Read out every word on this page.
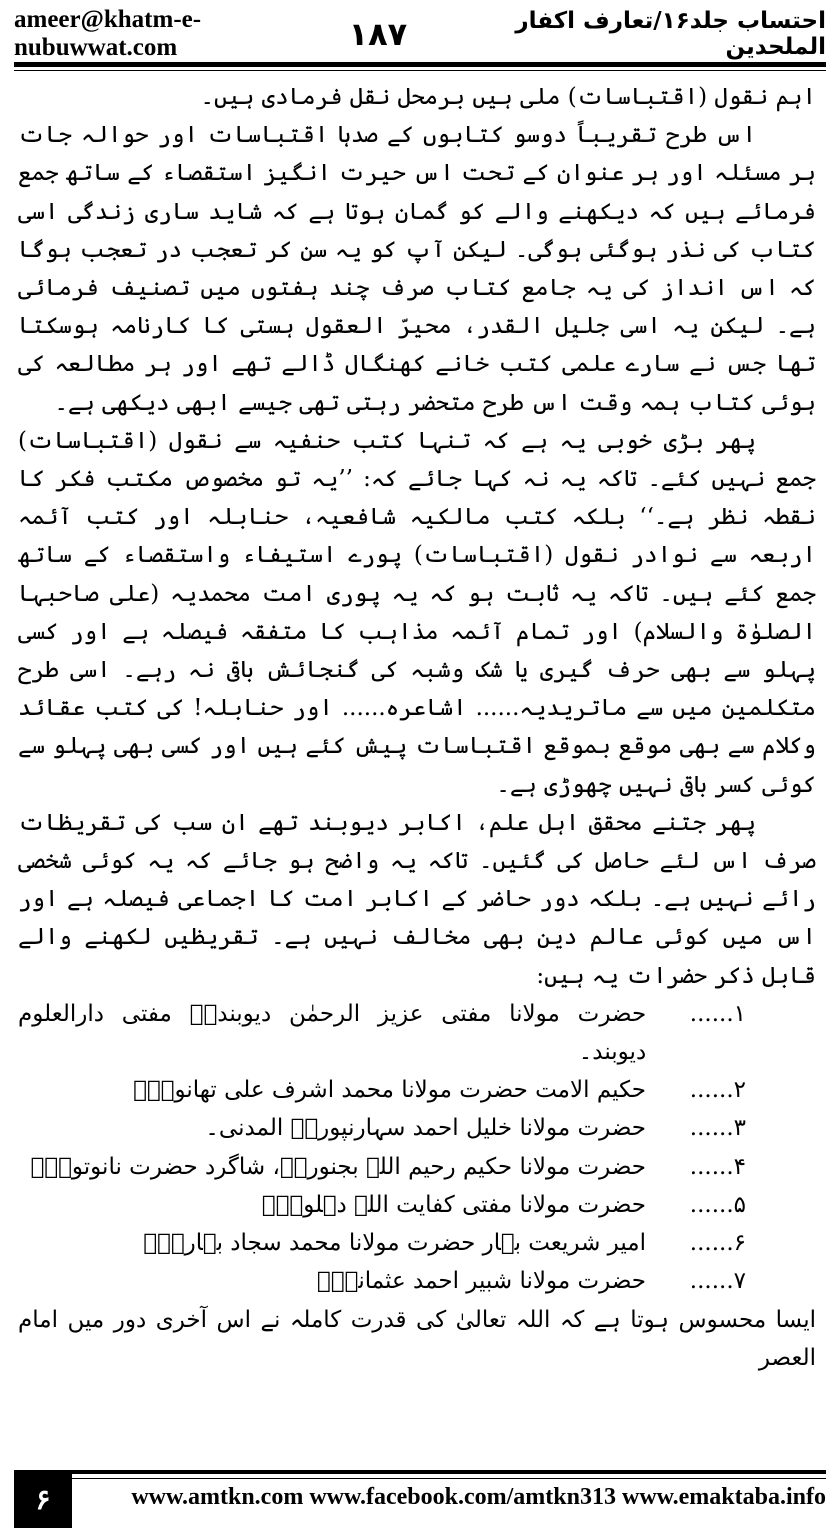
ameer@khatm-e-nubuwwat.com
احتساب جلد۱۶/تعارف اکفار الملحدین
۱۸۷

اہم نقول (اقتباسات) ملی ہیں برمحل نقل فرمادی ہیں۔

اس طرح تقریباً دوسو کتابوں کے صدہا اقتباسات اور حوالہ جات ہر مسئلہ اور ہر عنوان کے تحت اس حیرت انگیز استقصاء کے ساتھ جمع فرمائے ہیں کہ دیکھنے والے کو گمان ہوتا ہے کہ شاید ساری زندگی اسی کتاب کی نذر ہوگئی ہوگی۔ لیکن آپ کو یہ سن کر تعجب در تعجب ہوگا کہ اس انداز کی یہ جامع کتاب صرف چند ہفتوں میں تصنیف فرمائی ہے۔ لیکن یہ اسی جلیل القدر، محیرّ العقول ہستی کا کارنامہ ہوسکتا تھا جس نے سارے علمی کتب خانے کھنگال ڈالے تھے اور ہر مطالعہ کی ہوئی کتاب ہمہ وقت اس طرح متحضر رہتی تھی جیسے ابھی دیکھی ہے۔

پھر بڑی خوبی یہ ہے کہ تنہا کتب حنفیہ سے نقول (اقتباسات) جمع نہیں کئے۔ تاکہ یہ نہ کہا جائے کہ: ’’یہ تو مخصوص مکتب فکر کا نقطہ نظر ہے۔‘‘ بلکہ کتب مالکیہ شافعیہ، حنابلہ اور کتب آئمہ اربعہ سے نوادر نقول (اقتباسات) پورے استیفاء واستقصاء کے ساتھ جمع کئے ہیں۔ تاکہ یہ ثابت ہو کہ یہ پوری امت محمدیہ (علی صاحبہا الصلوٰۃ والسلام) اور تمام آئمہ مذاہب کا متفقہ فیصلہ ہے اور کسی پہلو سے بھی حرف گیری یا شک وشبہ کی گنجائش باقی نہ رہے۔ اسی طرح متکلمین میں سے ماتریدیہ...... اشاعرہ...... اور حنابلہ! کی کتب عقائد وکلام سے بھی موقع بموقع اقتباسات پیش کئے ہیں اور کسی بھی پہلو سے کوئی کسر باقی نہیں چھوڑی ہے۔

پھر جتنے محقق اہل علم، اکابر دیوبند تھے ان سب کی تقریظات صرف اس لئے حاصل کی گئیں۔ تاکہ یہ واضح ہو جائے کہ یہ کوئی شخصی رائے نہیں ہے۔ بلکہ دور حاضر کے اکابر امت کا اجماعی فیصلہ ہے اور اس میں کوئی عالم دین بھی مخالف نہیں ہے۔ تقریظیں لکھنے والے قابل ذکر حضرات یہ ہیں:

۱......
حضرت مولانا مفتی عزیز الرحمٰن دیوبندیؒ مفتی دارالعلوم دیوبند۔
۲......
حکیم الامت حضرت مولانا محمد اشرف علی تھانویؒ۔
۳......
حضرت مولانا خلیل احمد سہارنپوریؒ المدنی۔
۴......
حضرت مولانا حکیم رحیم اللہ بجنوریؒ، شاگرد حضرت نانوتویؒ۔
۵......
حضرت مولانا مفتی کفایت اللہ دہلویؒ۔
۶......
امیر شریعت بہار حضرت مولانا محمد سجاد بہاریؒ۔
۷......
حضرت مولانا شبیر احمد عثمانیؒ۔

ایسا محسوس ہوتا ہے کہ اللہ تعالیٰ کی قدرت کاملہ نے اس آخری دور میں امام العصر

۶	www.amtkn.com www.facebook.com/amtkn313 www.emaktaba.info
